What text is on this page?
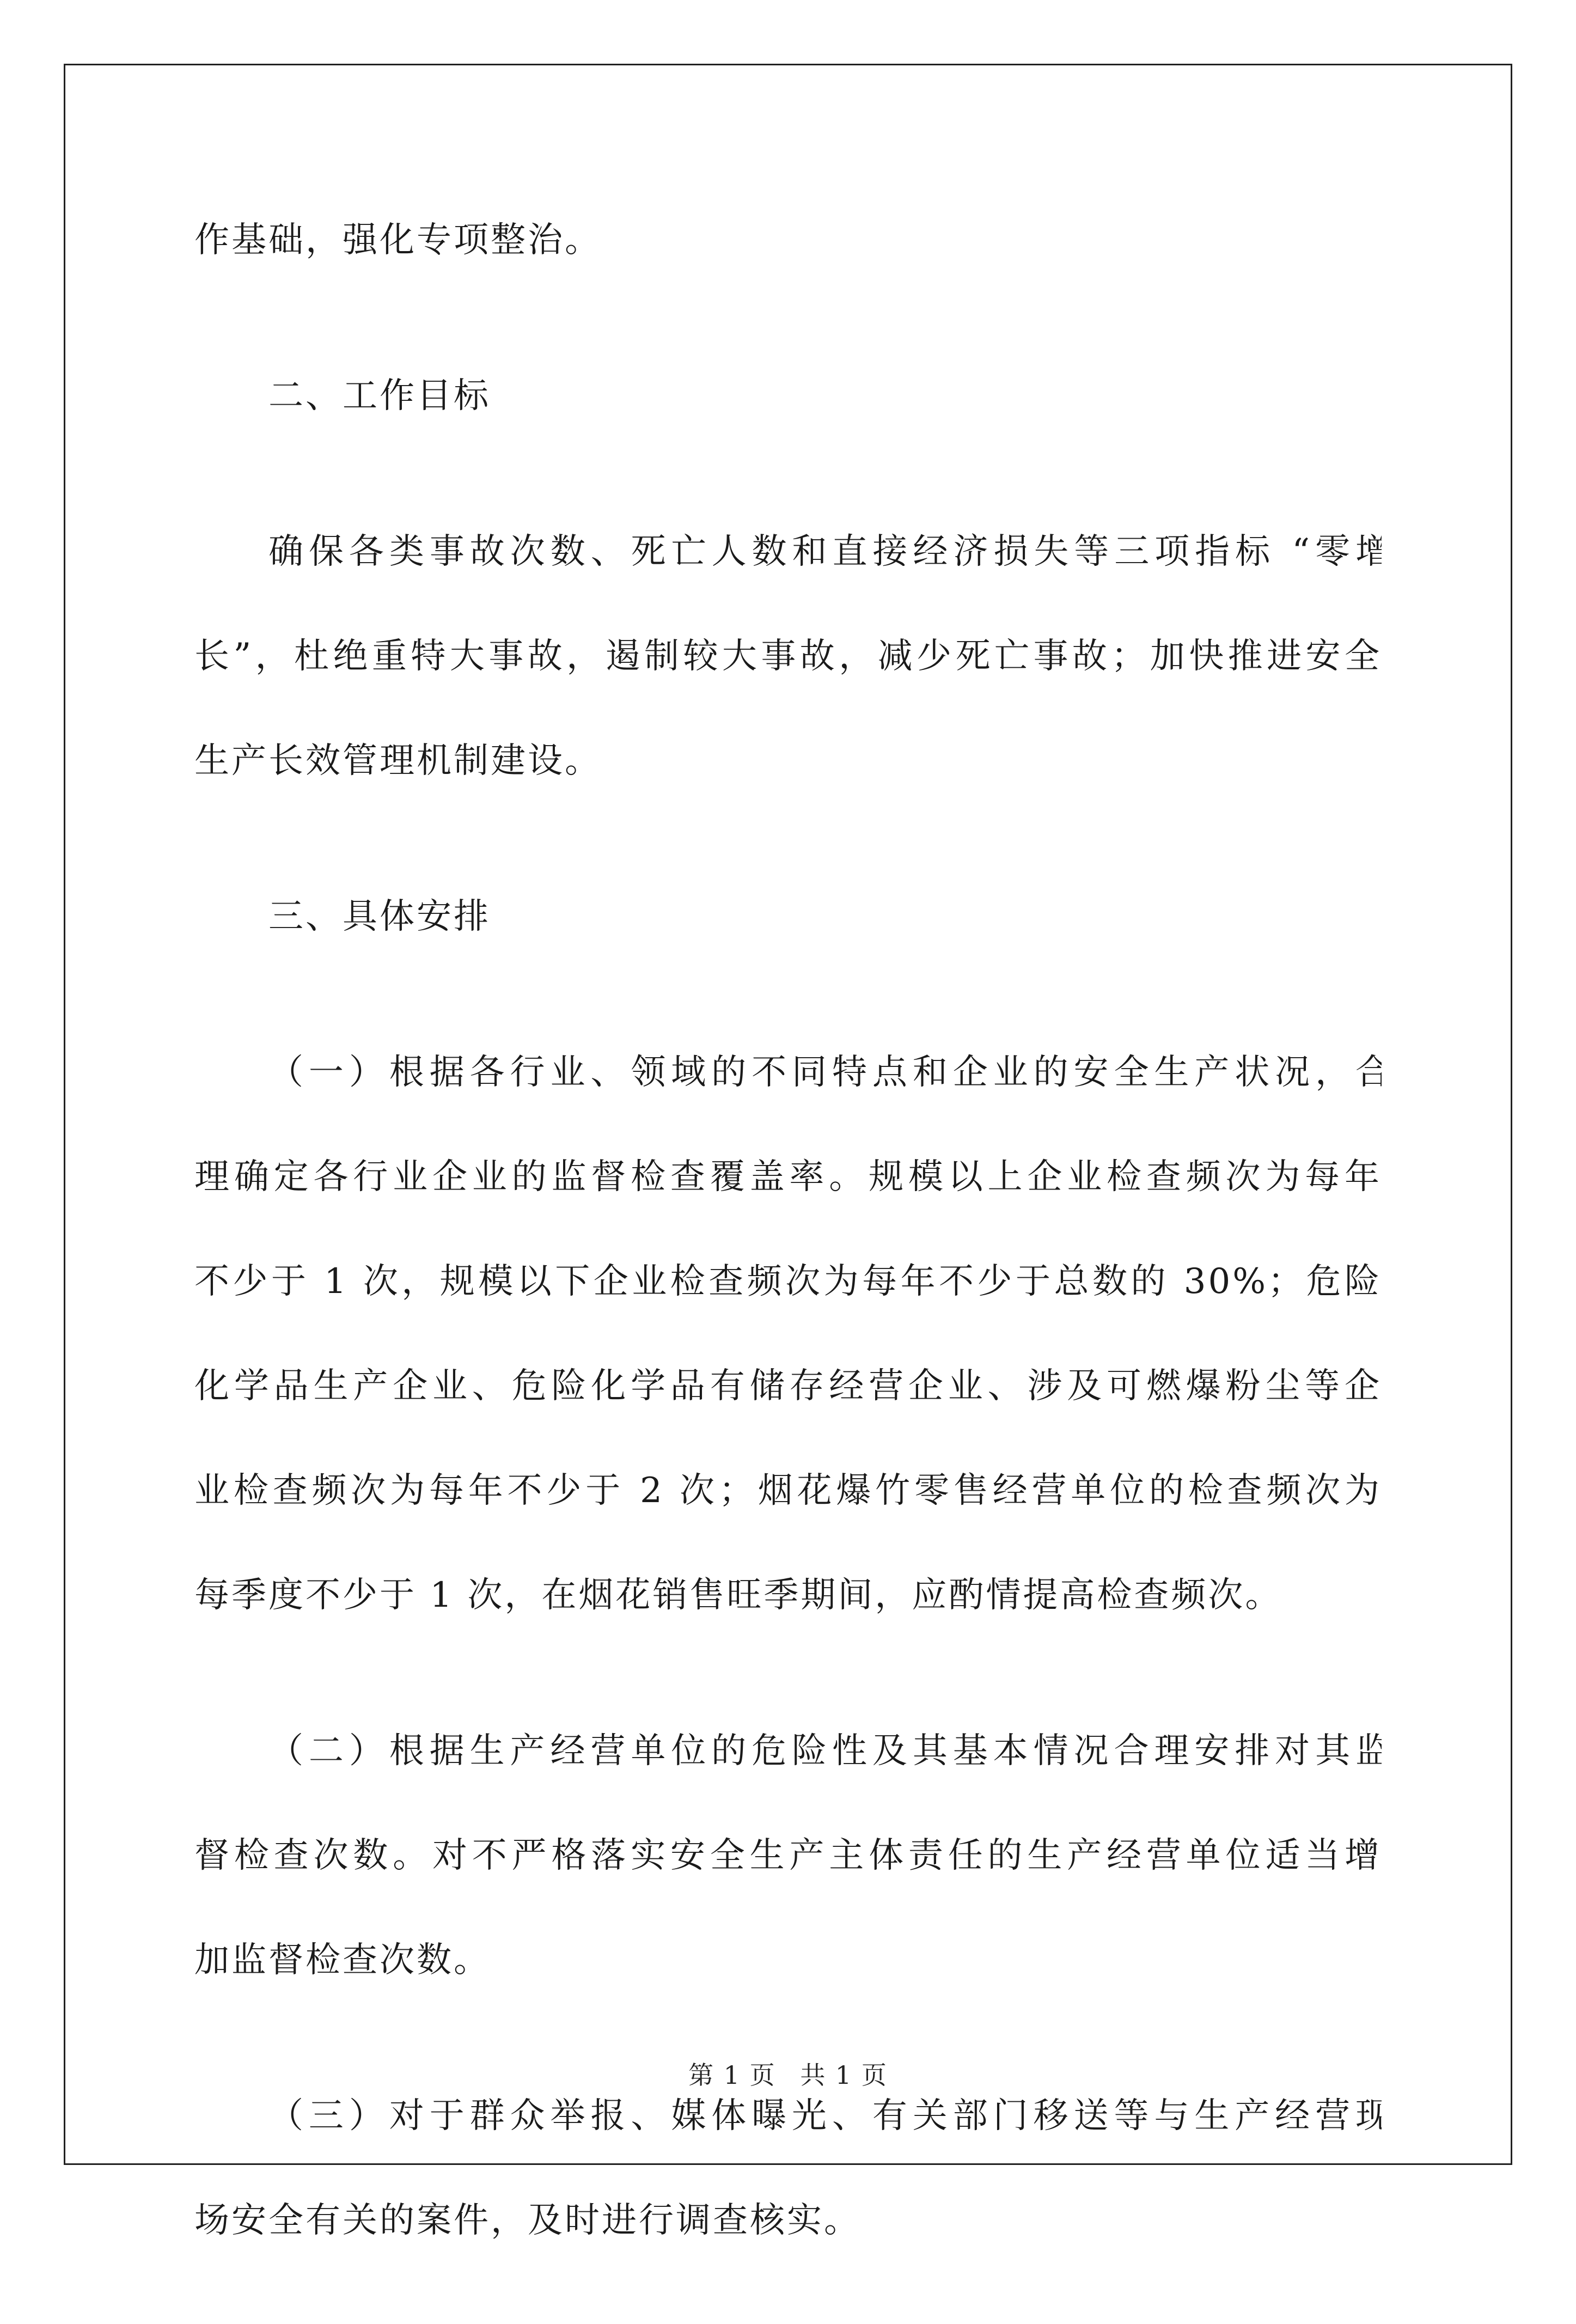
作基础，强化专项整治。
二、工作目标
确保各类事故次数、死亡人数和直接经济损失等三项指标 “零增
长”，杜绝重特大事故，遏制较大事故，减少死亡事故；加快推进安全
生产长效管理机制建设。
三、具体安排
（一）根据各行业、领域的不同特点和企业的安全生产状况，合
理确定各行业企业的监督检查覆盖率。规模以上企业检查频次为每年
不少于 1 次，规模以下企业检查频次为每年不少于总数的 30%；危险
化学品生产企业、危险化学品有储存经营企业、涉及可燃爆粉尘等企
业检查频次为每年不少于 2 次；烟花爆竹零售经营单位的检查频次为
每季度不少于 1 次，在烟花销售旺季期间，应酌情提高检查频次。
（二）根据生产经营单位的危险性及其基本情况合理安排对其监
督检查次数。对不严格落实安全生产主体责任的生产经营单位适当增
加监督检查次数。
（三）对于群众举报、媒体曝光、有关部门移送等与生产经营现
场安全有关的案件，及时进行调查核实。
第 1 页 共 1 页
